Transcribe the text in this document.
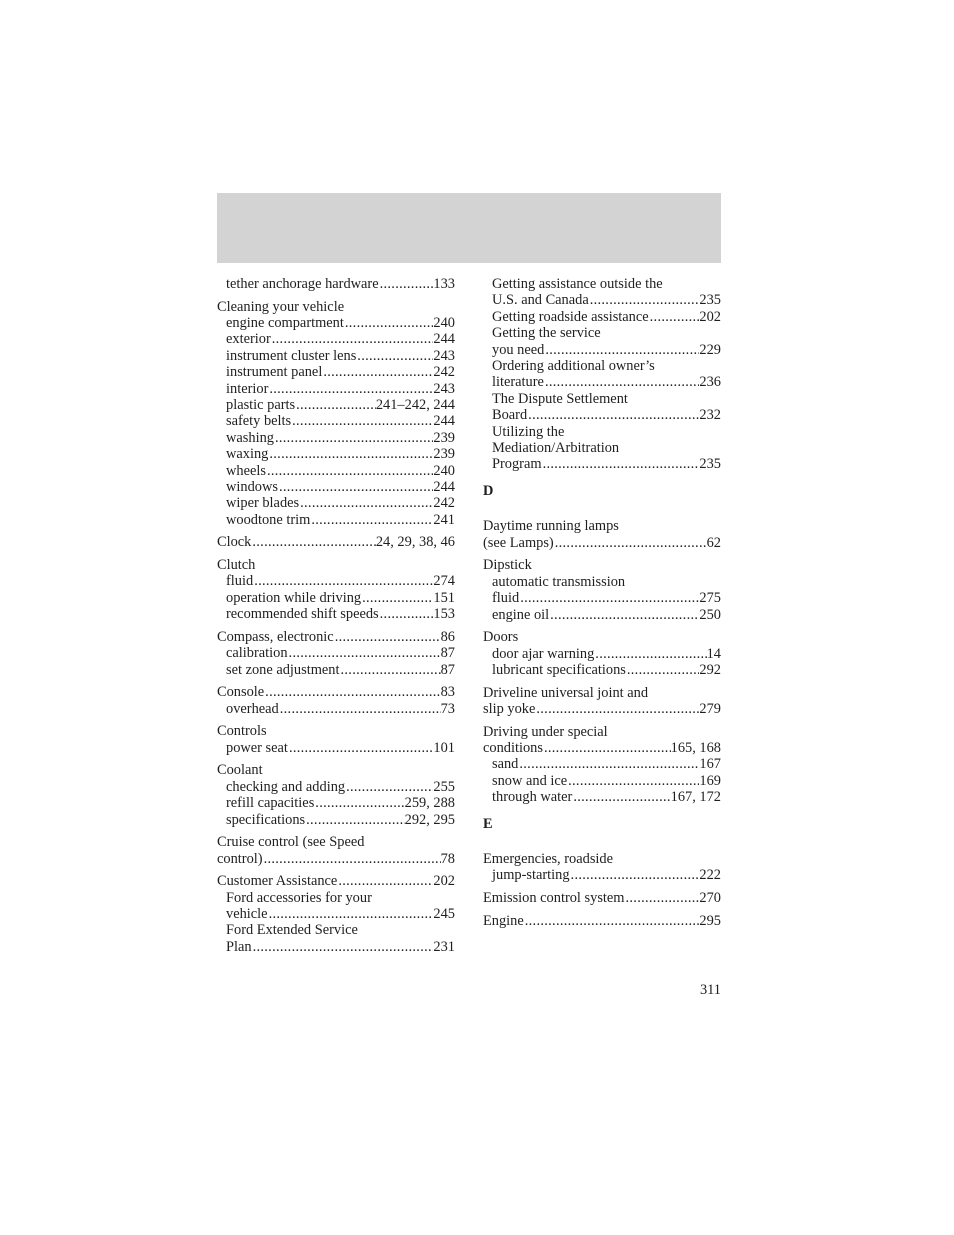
tether anchorage hardware .....	133
Cleaning your vehicle
engine compartment .....	240
exterior .....	244
instrument cluster lens .....	243
instrument panel .....	242
interior .....	243
plastic parts .....	241–242, 244
safety belts .....	244
washing .....	239
waxing .....	239
wheels .....	240
windows .....	244
wiper blades .....	242
woodtone trim .....	241
Clock .....	24, 29, 38, 46
Clutch
fluid .....	274
operation while driving .....	151
recommended shift speeds .....	153
Compass, electronic .....	86
calibration .....	87
set zone adjustment .....	87
Console .....	83
overhead .....	73
Controls
power seat .....	101
Coolant
checking and adding .....	255
refill capacities .....	259, 288
specifications .....	292, 295
Cruise control (see Speed
control) .....	78
Customer Assistance .....	202
Ford accessories for your
vehicle .....	245
Ford Extended Service
Plan .....	231
Getting assistance outside the
U.S. and Canada .....	235
Getting roadside assistance .....	202
Getting the service
you need .....	229
Ordering additional owner’s
literature .....	236
The Dispute Settlement
Board .....	232
Utilizing the
Mediation/Arbitration
Program .....	235
D
Daytime running lamps
(see Lamps) .....	62
Dipstick
automatic transmission
fluid .....	275
engine oil .....	250
Doors
door ajar warning .....	14
lubricant specifications .....	292
Driveline universal joint and
slip yoke .....	279
Driving under special
conditions .....	165, 168
sand .....	167
snow and ice .....	169
through water .....	167, 172
E
Emergencies, roadside
jump-starting .....	222
Emission control system .....	270
Engine .....	295
311
